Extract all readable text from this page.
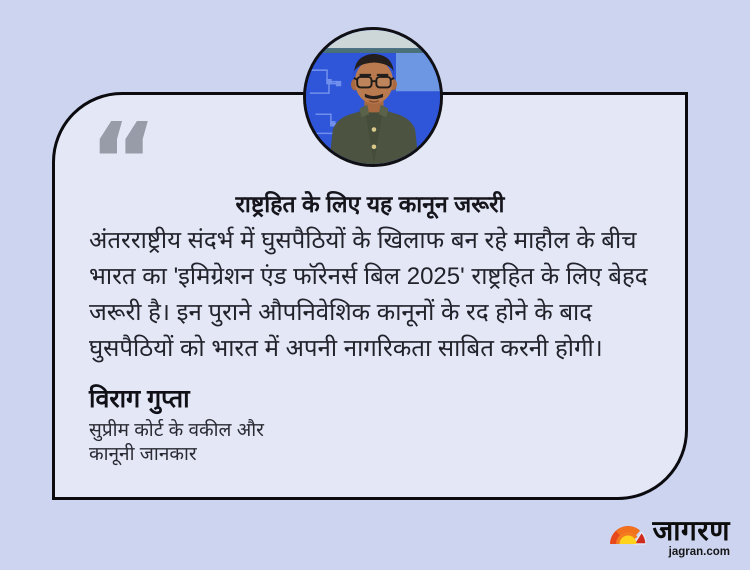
“	राष्ट्रहित के लिए यह कानून जरूरी

अंतरराष्ट्रीय संदर्भ में घुसपैठियों के खिलाफ बन रहे माहौल के बीच

भारत का 'इमिग्रेशन एंड फॉरेनर्स बिल 2025' राष्ट्रहित के लिए बेहद

जरूरी है। इन पुराने औपनिवेशिक कानूनों के रद होने के बाद

घुसपैठियों को भारत में अपनी नागरिकता साबित करनी होगी।

विराग गुप्ता
सुप्रीम कोर्ट के वकील और
कानूनी जानकार
जागरण
jagran.com
